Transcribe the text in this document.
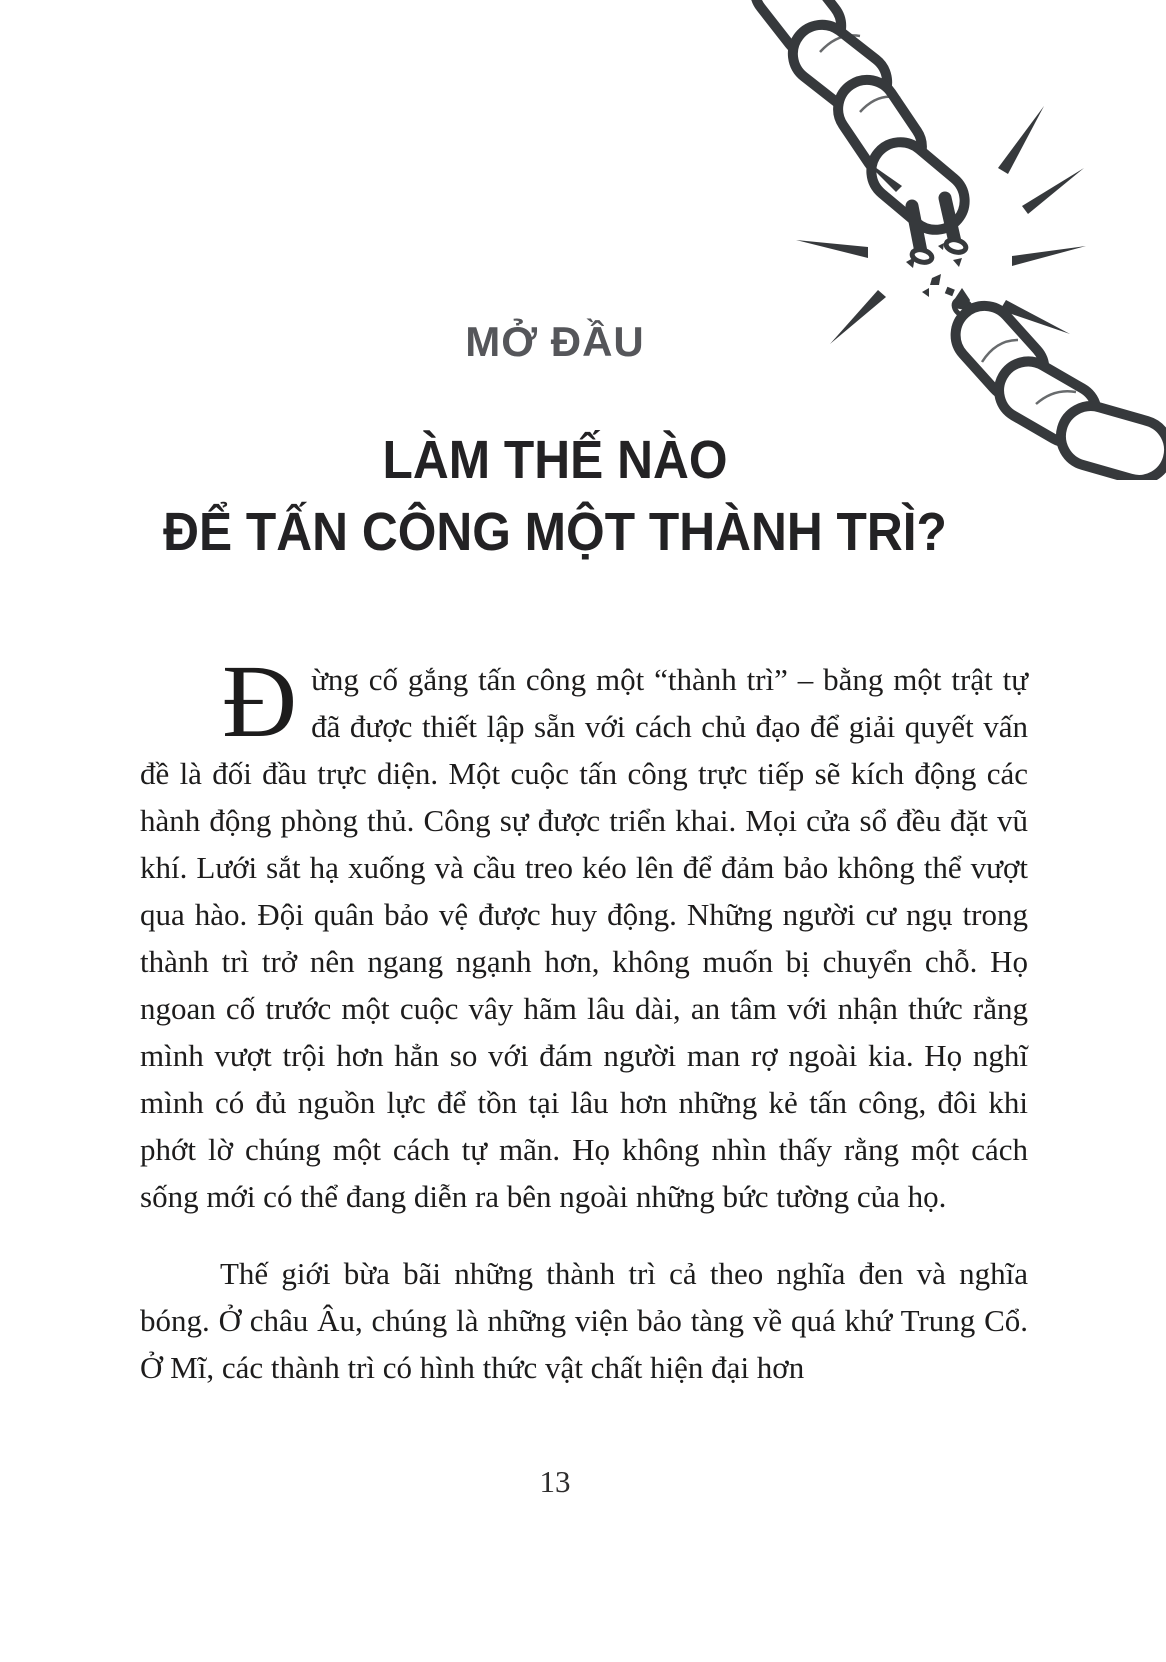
MỞ ĐẦU
LÀM THẾ NÀO
ĐỂ TẤN CÔNG MỘT THÀNH TRÌ?

Đừng cố gắng tấn công một “thành trì” – bằng một trật tự đã được thiết lập sẵn với cách chủ đạo để giải quyết vấn đề là đối đầu trực diện. Một cuộc tấn công trực tiếp sẽ kích động các hành động phòng thủ. Công sự được triển khai. Mọi cửa sổ đều đặt vũ khí. Lưới sắt hạ xuống và cầu treo kéo lên để đảm bảo không thể vượt qua hào. Đội quân bảo vệ được huy động. Những người cư ngụ trong thành trì trở nên ngang ngạnh hơn, không muốn bị chuyển chỗ. Họ ngoan cố trước một cuộc vây hãm lâu dài, an tâm với nhận thức rằng mình vượt trội hơn hẳn so với đám người man rợ ngoài kia. Họ nghĩ mình có đủ nguồn lực để tồn tại lâu hơn những kẻ tấn công, đôi khi phớt lờ chúng một cách tự mãn. Họ không nhìn thấy rằng một cách sống mới có thể đang diễn ra bên ngoài những bức tường của họ.

Thế giới bừa bãi những thành trì cả theo nghĩa đen và nghĩa bóng. Ở châu Âu, chúng là những viện bảo tàng về quá khứ Trung Cổ. Ở Mĩ, các thành trì có hình thức vật chất hiện đại hơn

13
